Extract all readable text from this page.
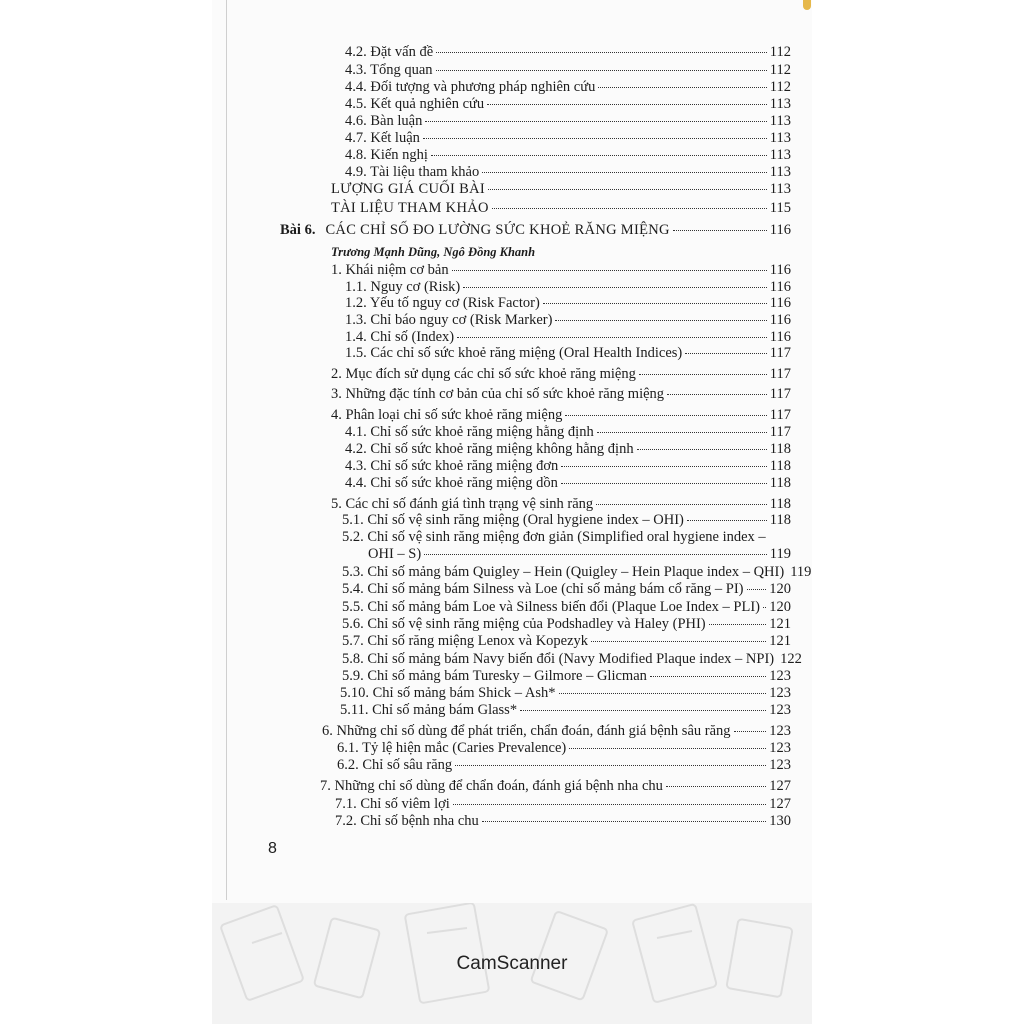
4.2. Đặt vấn đề	112
4.3. Tổng quan	112
4.4. Đối tượng và phương pháp nghiên cứu	112
4.5. Kết quả nghiên cứu	113
4.6. Bàn luận	113
4.7. Kết luận	113
4.8. Kiến nghị	113
4.9. Tài liệu tham khảo	113
LƯỢNG GIÁ CUỐI BÀI	113
TÀI LIỆU THAM KHẢO	115
Bài 6. CÁC CHỈ SỐ ĐO LƯỜNG SỨC KHOẺ RĂNG MIỆNG	116
Trương Mạnh Dũng, Ngô Đồng Khanh
1. Khái niệm cơ bản	116
1.1. Nguy cơ (Risk)	116
1.2. Yếu tố nguy cơ (Risk Factor)	116
1.3. Chỉ báo nguy cơ (Risk Marker)	116
1.4. Chỉ số (Index)	116
1.5. Các chỉ số sức khoẻ răng miệng (Oral Health Indices)	117
2. Mục đích sử dụng các chỉ số sức khoẻ răng miệng	117
3. Những đặc tính cơ bản của chỉ số sức khoẻ răng miệng	117
4. Phân loại chỉ số sức khoẻ răng miệng	117
4.1. Chỉ số sức khoẻ răng miệng hằng định	117
4.2. Chỉ số sức khoẻ răng miệng không hằng định	118
4.3. Chỉ số sức khoẻ răng miệng đơn	118
4.4. Chỉ số sức khoẻ răng miệng dồn	118
5. Các chỉ số đánh giá tình trạng vệ sinh răng	118
5.1. Chỉ số vệ sinh răng miệng (Oral hygiene index – OHI)	118
5.2. Chỉ số vệ sinh răng miệng đơn giản (Simplified oral hygiene index –
OHI – S)	119
5.3. Chỉ số mảng bám Quigley – Hein (Quigley – Hein Plaque index – QHI) 119
5.4. Chỉ số mảng bám Silness và Loe (chỉ số mảng bám cổ răng – PI) 120
5.5. Chỉ số mảng bám Loe và Silness biến đổi (Plaque Loe Index – PLI) 120
5.6. Chỉ số vệ sinh răng miệng của Podshadley và Haley (PHI)	121
5.7. Chỉ số răng miệng Lenox và Kopezyk	121
5.8. Chỉ số mảng bám Navy biến đổi (Navy Modified Plaque index – NPI) 122
5.9. Chỉ số mảng bám Turesky – Gilmore – Glicman	123
5.10. Chỉ số mảng bám Shick – Ash*	123
5.11. Chỉ số mảng bám Glass*	123
6. Những chỉ số dùng để phát triển, chẩn đoán, đánh giá bệnh sâu răng	123
6.1. Tỷ lệ hiện mắc (Caries Prevalence)	123
6.2. Chỉ số sâu răng	123
7. Những chỉ số dùng để chẩn đoán, đánh giá bệnh nha chu	127
7.1. Chỉ số viêm lợi	127
7.2. Chỉ số bệnh nha chu	130
8
CamScanner
